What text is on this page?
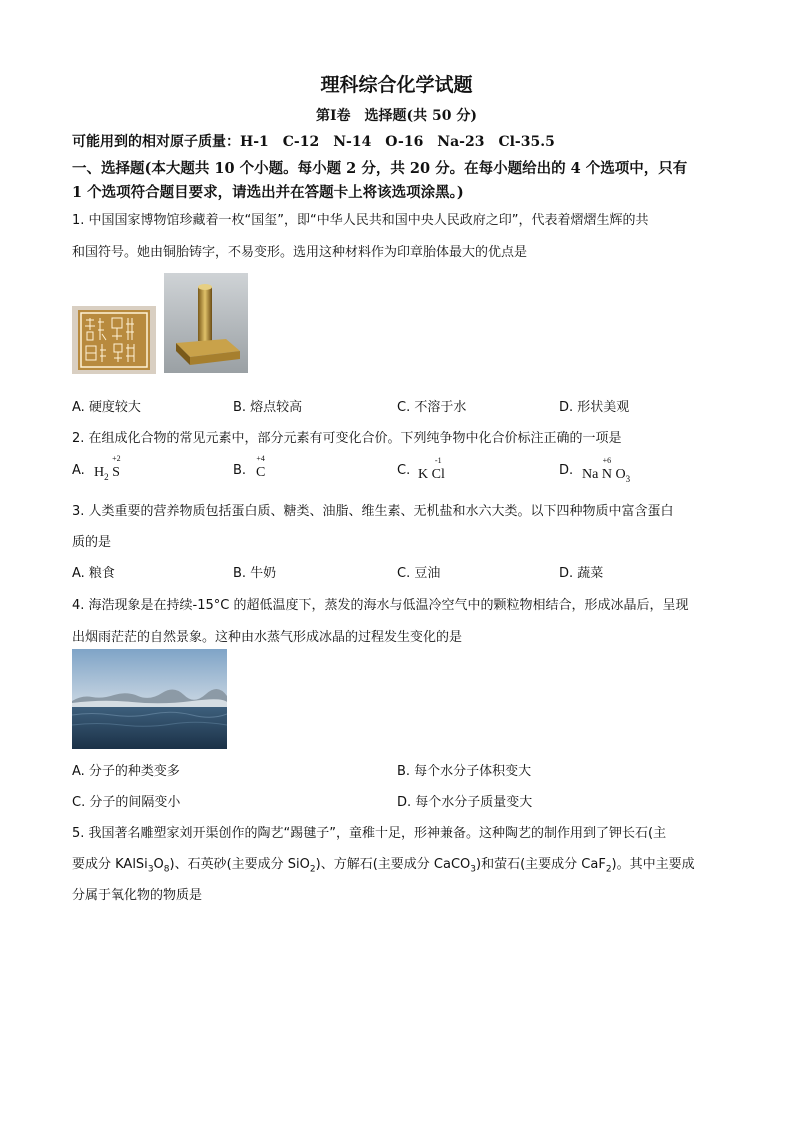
理科综合化学试题
第Ⅰ卷　选择题(共 50 分)
可能用到的相对原子质量：H-1　C-12　N-14　O-16　Na-23　Cl-35.5
一、选择题(本大题共 10 个小题。每小题 2 分，共 20 分。在每小题给出的 4 个选项中，只有
1 个选项符合题目要求，请选出并在答题卡上将该选项涂黑。)
1. 中国国家博物馆珍藏着一枚“国玺”，即“中华人民共和国中央人民政府之印”，代表着熠熠生辉的共
和国符号。她由铜胎铸字，不易变形。选用这种材料作为印章胎体最大的优点是
A. 硬度较大	B. 熔点较高	C. 不溶于水	D. 形状美观
2. 在组成化合物的常见元素中，部分元素有可变化合价。下列纯争物中化合价标注正确的一项是
A. $H_2$
+2
S	B.
+4
C	C. K
-1
Cl	D. Na
+6
N $O_3$
3. 人类重要的营养物质包括蛋白质、糖类、油脂、维生素、无机盐和水六大类。以下四种物质中富含蛋白
质的是
A. 粮食	B. 牛奶	C. 豆油	D. 蔬菜
4. 海浩现象是在持续-15°C 的超低温度下，蒸发的海水与低温冷空气中的颗粒物相结合，形成冰晶后，呈现
出烟雨茫茫的自然景象。这种由水蒸气形成冰晶的过程发生变化的是
A. 分子的种类变多	B. 每个水分子体积变大
C. 分子的间隔变小	D. 每个水分子质量变大
5. 我国著名雕塑家刘开渠创作的陶艺“踢毽子”，童稚十足，形神兼备。这种陶艺的制作用到了钾长石(主
要成分 $KAlSi_3O_8$)、石英砂(主要成分 SiO$_2$)、方解石(主要成分 CaCO$_3$)和萤石(主要成分 CaF$_2$)。其中主要成
分属于氧化物的物质是
